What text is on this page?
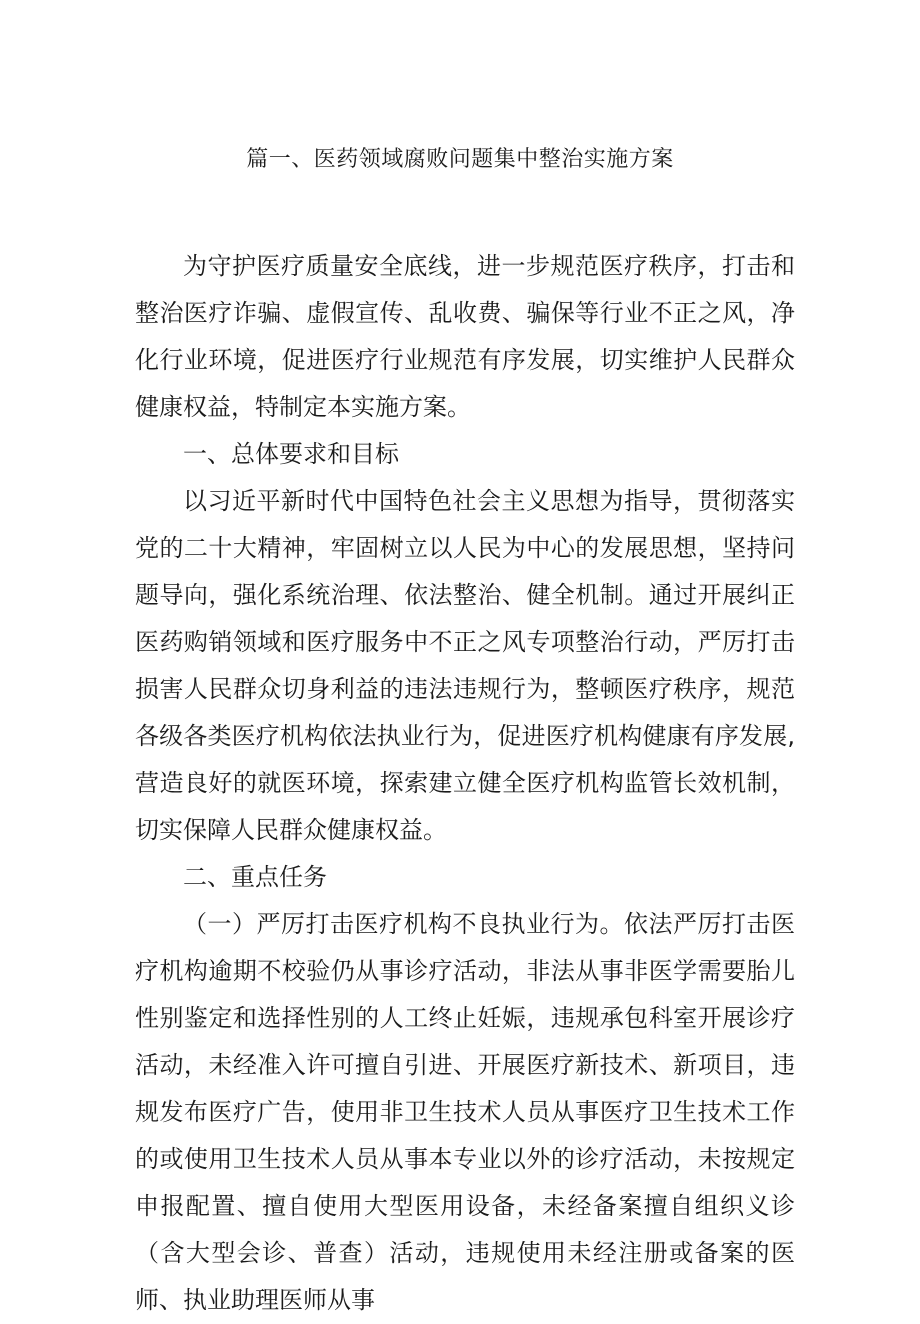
篇一、医药领域腐败问题集中整治实施方案

为守护医疗质量安全底线，进一步规范医疗秩序，打击和整治医疗诈骗、虚假宣传、乱收费、骗保等行业不正之风，净化行业环境，促进医疗行业规范有序发展，切实维护人民群众健康权益，特制定本实施方案。

一、总体要求和目标

以习近平新时代中国特色社会主义思想为指导，贯彻落实党的二十大精神，牢固树立以人民为中心的发展思想，坚持问题导向，强化系统治理、依法整治、健全机制。通过开展纠正医药购销领域和医疗服务中不正之风专项整治行动，严厉打击损害人民群众切身利益的违法违规行为，整顿医疗秩序，规范各级各类医疗机构依法执业行为，促进医疗机构健康有序发展,营造良好的就医环境，探索建立健全医疗机构监管长效机制，切实保障人民群众健康权益。

二、重点任务

（一）严厉打击医疗机构不良执业行为。依法严厉打击医疗机构逾期不校验仍从事诊疗活动，非法从事非医学需要胎儿性别鉴定和选择性别的人工终止妊娠，违规承包科室开展诊疗活动，未经准入许可擅自引进、开展医疗新技术、新项目，违规发布医疗广告，使用非卫生技术人员从事医疗卫生技术工作的或使用卫生技术人员从事本专业以外的诊疗活动，未按规定申报配置、擅自使用大型医用设备，未经备案擅自组织义诊（含大型会诊、普查）活动，违规使用未经注册或备案的医师、执业助理医师从事
